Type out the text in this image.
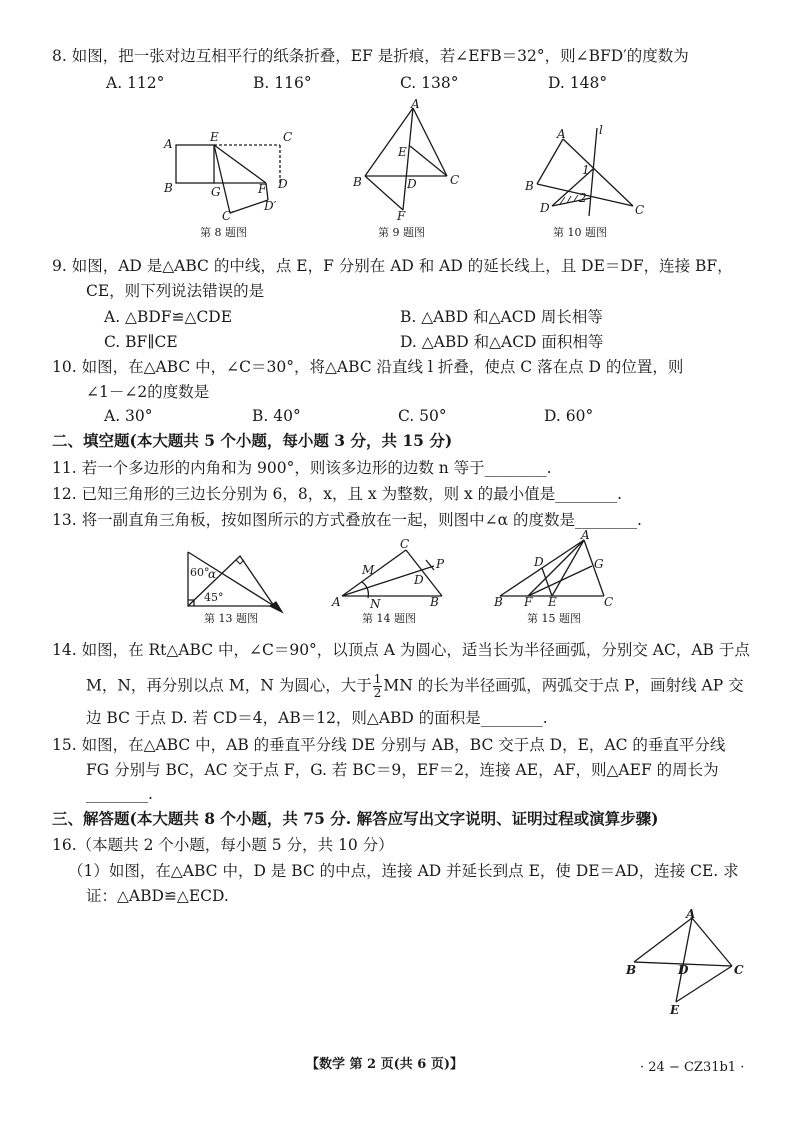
8. 如图，把一张对边互相平行的纸条折叠，EF 是折痕，若∠EFB＝32°，则∠BFD′的度数为
A. 112°	B. 116°	C. 138°	D. 148°
A	E	C
B	G	F D
C′
D′
第 8 题图
A
E
B	D	C
F
第 9 题图
A	l
1
2
D
B
C
第 10 题图
9. 如图，AD 是△ABC 的中线，点 E，F 分别在 AD 和 AD 的延长线上，且 DE＝DF，连接 BF，
CE，则下列说法错误的是
A. △BDF≌△CDE	B. △ABD 和△ACD 周长相等
C. BF∥CE	D. △ABD 和△ACD 面积相等
10. 如图，在△ABC 中，∠C＝30°，将△ABC 沿直线 l 折叠，使点 C 落在点 D 的位置，则
∠1－∠2的度数是
A. 30°	B. 40°	C. 50°	D. 60°
二、填空题(本大题共 5 个小题，每小题 3 分，共 15 分)
11. 若一个多边形的内角和为 900°，则该多边形的边数 n 等于________.
12. 已知三角形的三边长分别为 6，8，x，且 x 为整数，则 x 的最小值是________.
13. 将一副直角三角板，按如图所示的方式叠放在一起，则图中∠α 的度数是________.
60°
α
45°
第 13 题图
C
M	P
D
A N	B
第 14 题图
A
D	G
B F E	C
第 15 题图
14. 如图，在 Rt△ABC 中，∠C＝90°，以顶点 A 为圆心，适当长为半径画弧，分别交 AC，AB 于点
M，N，再分别以点 M，N 为圆心，大于 $\frac{1}{2}$ MN 的长为半径画弧，两弧交于点 P，画射线 AP 交
边 BC 于点 D. 若 CD＝4，AB＝12，则△ABD 的面积是________.
15. 如图，在△ABC 中，AB 的垂直平分线 DE 分别与 AB，BC 交于点 D，E，AC 的垂直平分线
FG 分别与 BC，AC 交于点 F，G. 若 BC＝9，EF＝2，连接 AE，AF，则△AEF 的周长为
________.
三、解答题(本大题共 8 个小题，共 75 分. 解答应写出文字说明、证明过程或演算步骤)
16.（本题共 2 个小题，每小题 5 分，共 10 分）
（1）如图，在△ABC 中，D 是 BC 的中点，连接 AD 并延长到点 E，使 DE＝AD，连接 CE. 求
证：△ABD≌△ECD.
A
B	D	C
E
【数学 第 2 页(共 6 页)】	· 24 − CZ31b1 ·
